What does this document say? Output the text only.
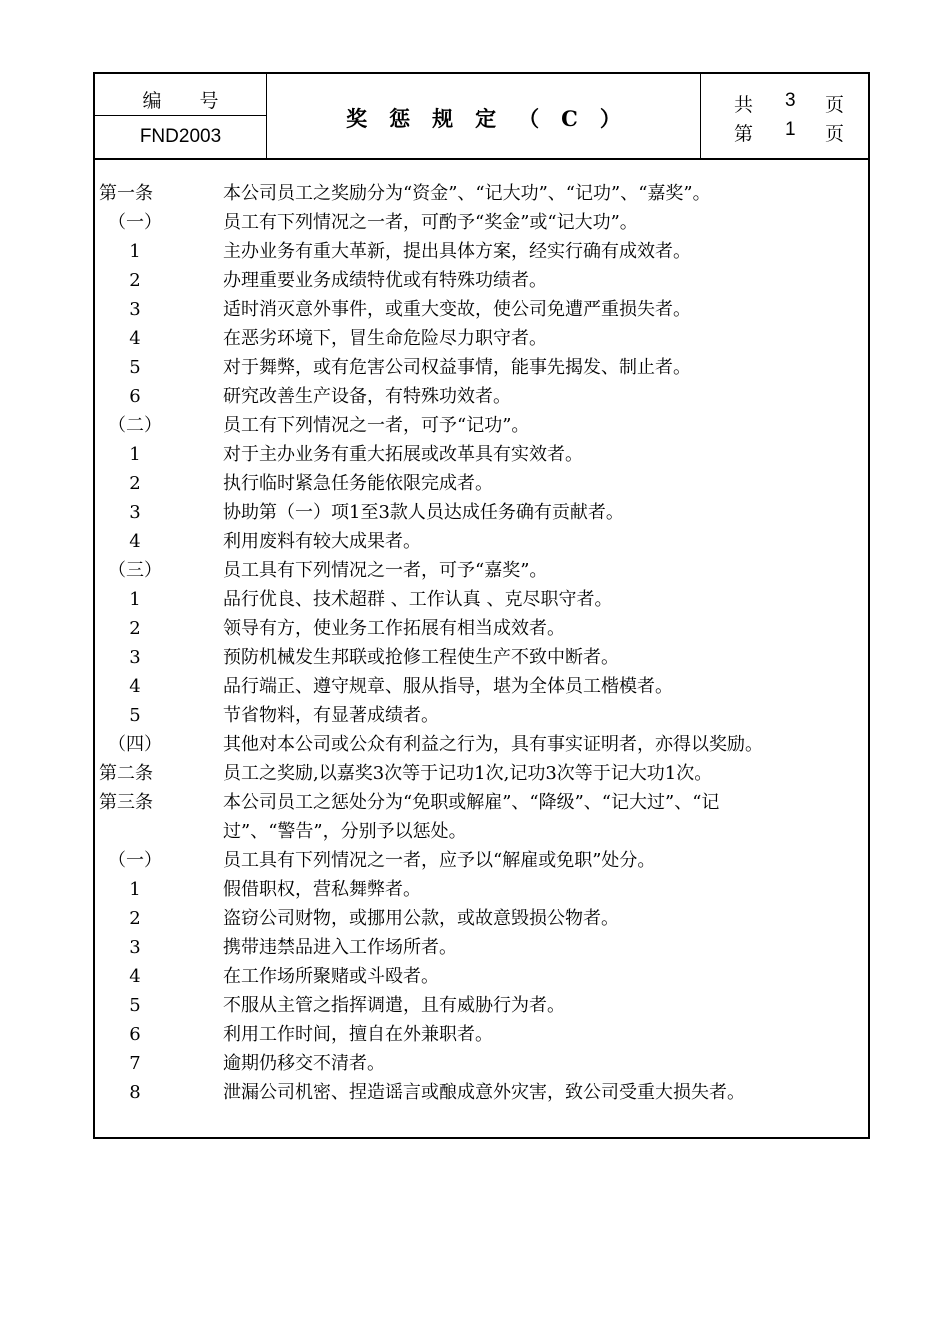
编号
FND2003
奖惩规定（C）
共 3 页
第 1 页
第一条	本公司员工之奖励分为“资金”、“记大功”、“记功”、“嘉奖”。
（一）	员工有下列情况之一者，可酌予“奖金”或“记大功”。
1	主办业务有重大革新，提出具体方案，经实行确有成效者。
2	办理重要业务成绩特优或有特殊功绩者。
3	适时消灭意外事件，或重大变故，使公司免遭严重损失者。
4	在恶劣环境下，冒生命危险尽力职守者。
5	对于舞弊，或有危害公司权益事情，能事先揭发、制止者。
6	研究改善生产设备，有特殊功效者。
（二）	员工有下列情况之一者，可予“记功”。
1	对于主办业务有重大拓展或改革具有实效者。
2	执行临时紧急任务能依限完成者。
3	协助第（一）项1至3款人员达成任务确有贡献者。
4	利用废料有较大成果者。
（三）	员工具有下列情况之一者，可予“嘉奖”。
1	品行优良、技术超群 、工作认真 、克尽职守者。
2	领导有方，使业务工作拓展有相当成效者。
3	预防机械发生邦联或抢修工程使生产不致中断者。
4	品行端正、遵守规章、服从指导，堪为全体员工楷模者。
5	节省物料，有显著成绩者。
（四）	其他对本公司或公众有利益之行为，具有事实证明者，亦得以奖励。
第二条	员工之奖励,以嘉奖3次等于记功1次,记功3次等于记大功1次。
第三条	本公司员工之惩处分为“免职或解雇”、“降级”、“记大过”、“记
过”、“警告”，分别予以惩处。
（一）	员工具有下列情况之一者，应予以“解雇或免职”处分。
1	假借职权，营私舞弊者。
2	盗窃公司财物，或挪用公款，或故意毁损公物者。
3	携带违禁品进入工作场所者。
4	在工作场所聚赌或斗殴者。
5	不服从主管之指挥调遣，且有威胁行为者。
6	利用工作时间，擅自在外兼职者。
7	逾期仍移交不清者。
8	泄漏公司机密、捏造谣言或酿成意外灾害，致公司受重大损失者。
